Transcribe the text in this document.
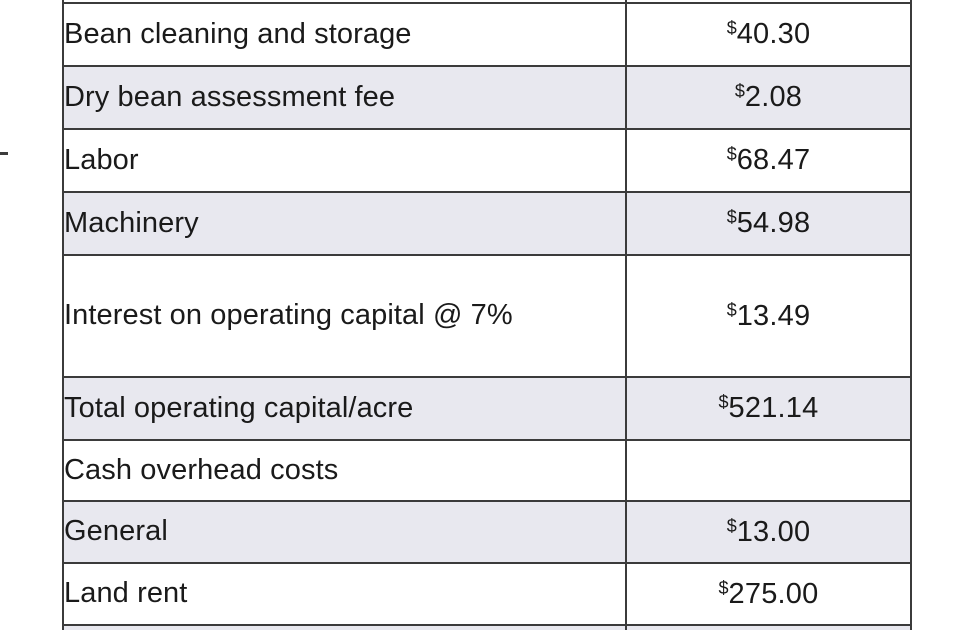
Bean cleaning and storage	$40.30
Dry bean assessment fee	$2.08
Labor	$68.47
Machinery	$54.98
Interest on operating capital @ 7%	$13.49
Total operating capital/acre	$521.14
Cash overhead costs	
General	$13.00
Land rent	$275.00
